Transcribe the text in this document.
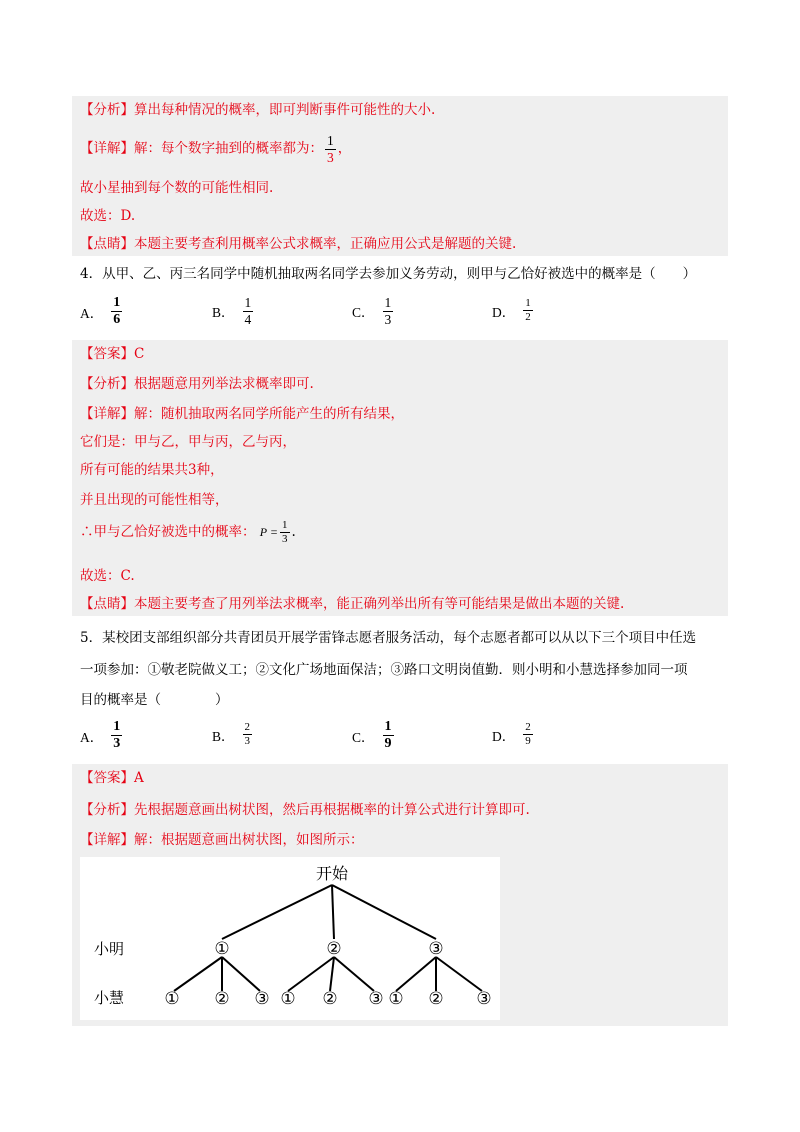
【分析】算出每种情况的概率，即可判断事件可能性的大小.
【详解】解：每个数字抽到的概率都为： $\frac{1}{3}$ ，
故小星抽到每个数的可能性相同.
故选：D.
【点睛】本题主要考查利用概率公式求概率，正确应用公式是解题的关键.
4．从甲、乙、丙三名同学中随机抽取两名同学去参加义务劳动，则甲与乙恰好被选中的概率是（　　）
A． $\frac{1}{6}$	B． $\frac{1}{4}$	C． $\frac{1}{3}$	D． $\frac{1}{2}$
【答案】C
【分析】根据题意用列举法求概率即可.
【详解】解：随机抽取两名同学所能产生的所有结果，
它们是：甲与乙，甲与丙，乙与丙，
所有可能的结果共3种，
并且出现的可能性相等，
∴甲与乙恰好被选中的概率： $P = \frac{1}{3}$ .
故选：C.
【点睛】本题主要考查了用列举法求概率，能正确列举出所有等可能结果是做出本题的关键.
5．某校团支部组织部分共青团员开展学雷锋志愿者服务活动，每个志愿者都可以从以下三个项目中任选
一项参加：①敬老院做义工；②文化广场地面保洁；③路口文明岗值勤．则小明和小慧选择参加同一项
目的概率是（　　　　）
A． $\frac{1}{3}$	B． $\frac{2}{3}$	C． $\frac{1}{9}$	D． $\frac{2}{9}$
【答案】A
【分析】先根据题意画出树状图，然后再根据概率的计算公式进行计算即可.
【详解】解：根据题意画出树状图，如图所示：
开始
小明
小慧
①	②	③
① ② ③ ① ② ③ ① ② ③
